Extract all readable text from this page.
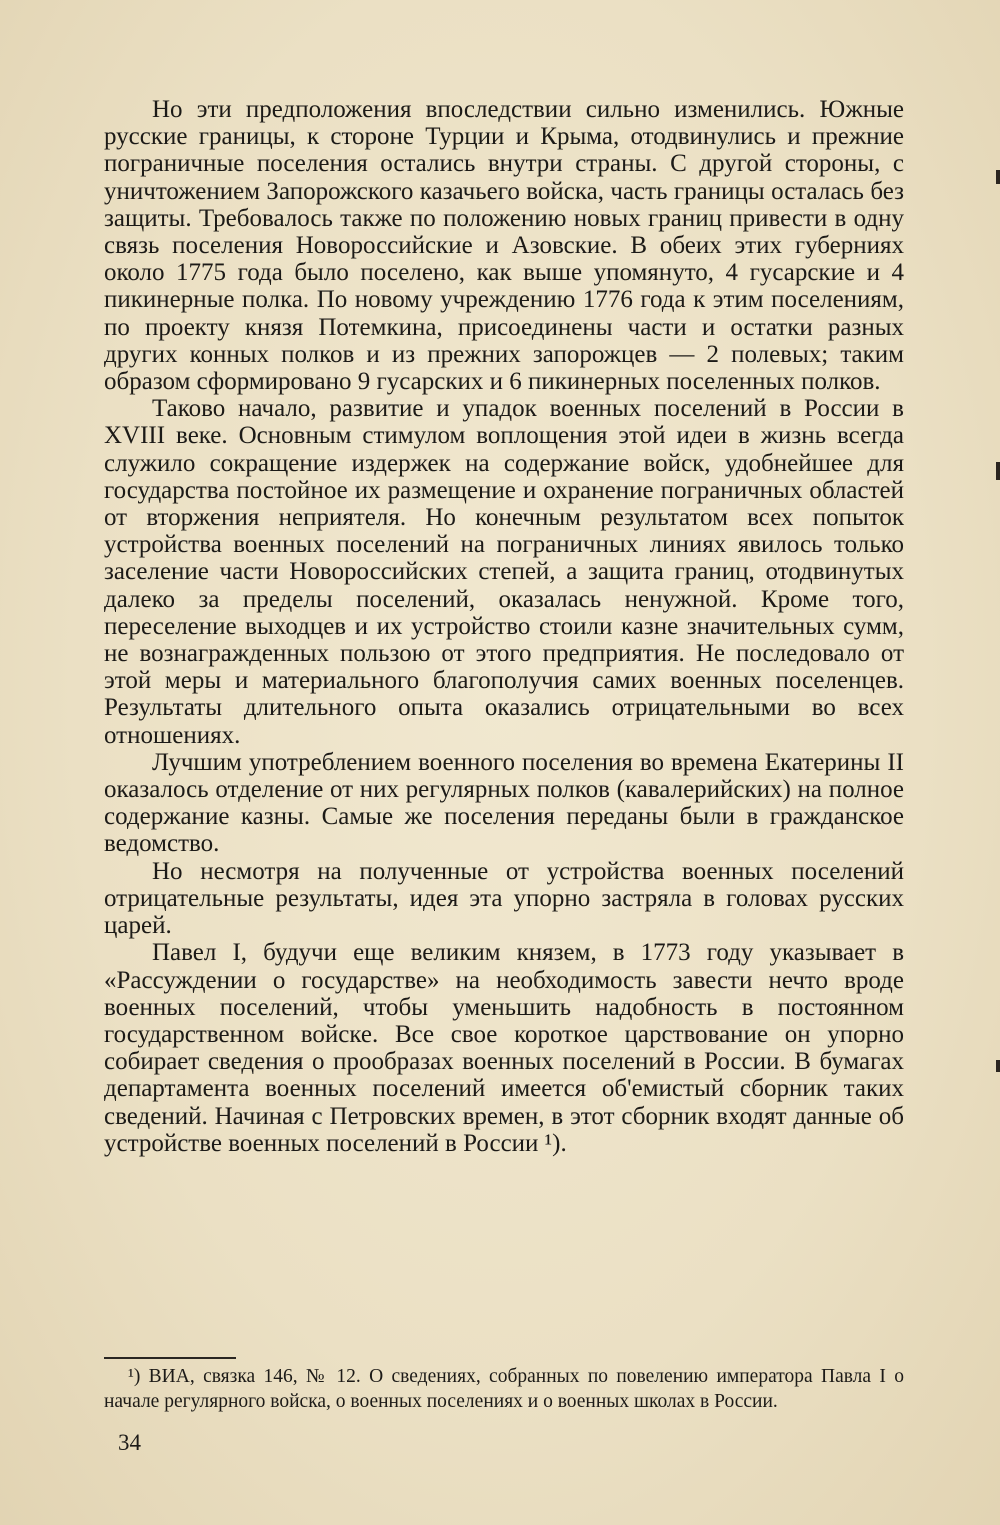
Но эти предположения впоследствии сильно изменились. Южные русские границы, к стороне Турции и Крыма, отодвинулись и прежние пограничные поселения остались внутри страны. С другой стороны, с уничтожением Запорожского казачьего войска, часть границы осталась без защиты. Требовалось также по положению новых границ привести в одну связь поселения Новороссийские и Азовские. В обеих этих губерниях около 1775 года было поселено, как выше упомянуто, 4 гусарские и 4 пикинерные полка. По новому учреждению 1776 года к этим поселениям, по проекту князя Потемкина, присоединены части и остатки разных других конных полков и из прежних запорожцев — 2 полевых; таким образом сформировано 9 гусарских и 6 пикинерных поселенных полков.

Таково начало, развитие и упадок военных поселений в России в XVIII веке. Основным стимулом воплощения этой идеи в жизнь всегда служило сокращение издержек на содержание войск, удобнейшее для государства постойное их размещение и охранение пограничных областей от вторжения неприятеля. Но конечным результатом всех попыток устройства военных поселений на пограничных линиях явилось только заселение части Новороссийских степей, а защита границ, отодвинутых далеко за пределы поселений, оказалась ненужной. Кроме того, переселение выходцев и их устройство стоили казне значительных сумм, не вознагражденных пользою от этого предприятия. Не последовало от этой меры и материального благополучия самих военных поселенцев. Результаты длительного опыта оказались отрицательными во всех отношениях.

Лучшим употреблением военного поселения во времена Екатерины II оказалось отделение от них регулярных полков (кавалерийских) на полное содержание казны. Самые же поселения переданы были в гражданское ведомство.

Но несмотря на полученные от устройства военных поселений отрицательные результаты, идея эта упорно застряла в головах русских царей.

Павел I, будучи еще великим князем, в 1773 году указывает в «Рассуждении о государстве» на необходимость завести нечто вроде военных поселений, чтобы уменьшить надобность в постоянном государственном войске. Все свое короткое царствование он упорно собирает сведения о прообразах военных поселений в России. В бумагах департамента военных поселений имеется об'емистый сборник таких сведений. Начиная с Петровских времен, в этот сборник входят данные об устройстве военных поселений в России ¹).

¹) ВИА, связка 146, № 12. О сведениях, собранных по повелению императора Павла I о начале регулярного войска, о военных поселениях и о военных школах в России.

34
